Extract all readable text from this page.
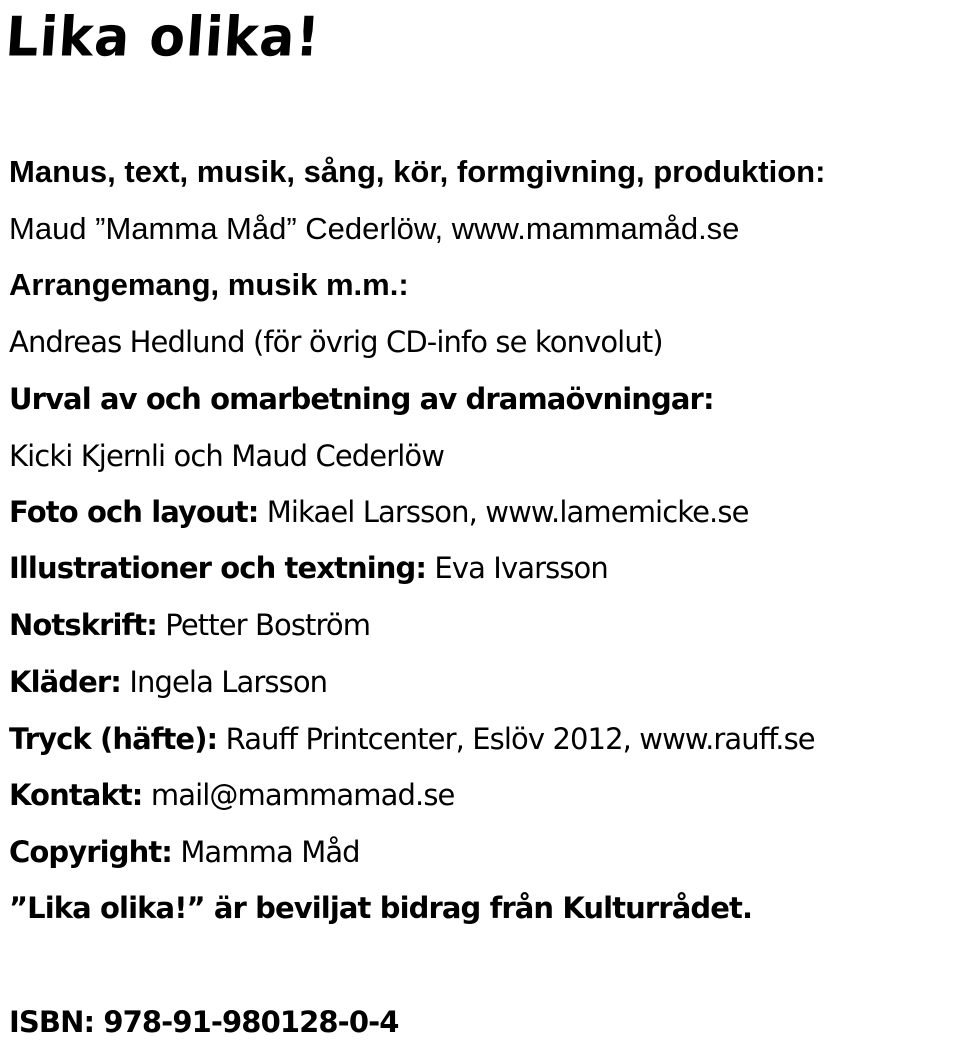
Lika olika!
Manus, text, musik, sång, kör, formgivning, produktion:
Maud ”Mamma Måd” Cederlöw, www.mammamåd.se
Arrangemang, musik m.m.:
Andreas Hedlund (för övrig CD-info se konvolut)
Urval av och omarbetning av dramaövningar:
Kicki Kjernli och Maud Cederlöw
Foto och layout: Mikael Larsson, www.lamemicke.se
Illustrationer och textning: Eva Ivarsson
Notskrift: Petter Boström
Kläder: Ingela Larsson
Tryck (häfte): Rauff Printcenter, Eslöv 2012, www.rauff.se
Kontakt: mail@mammamad.se
Copyright: Mamma Måd
”Lika olika!” är beviljat bidrag från Kulturrådet.
ISBN: 978-91-980128-0-4
